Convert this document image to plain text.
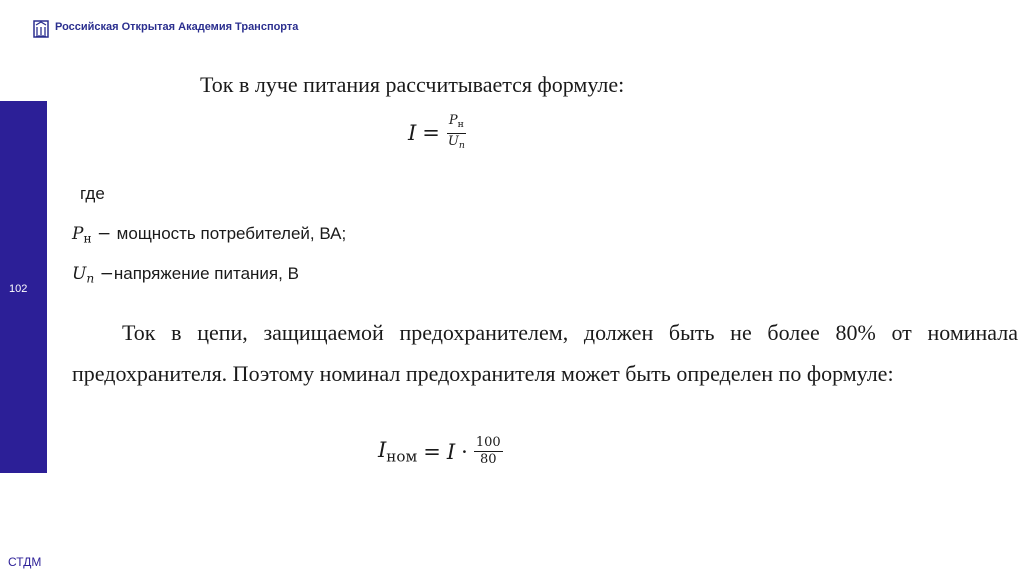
Российская Открытая Академия Транспорта
102
СТДМ
Ток в луче питания рассчитывается формуле:
$I = \frac{P_н}{U_n}$
где
$P_н$ − мощность потребителей, ВА;
$U_n$ −напряжение питания, В
Ток в цепи, защищаемой предохранителем, должен быть не более 80% от номинала предохранителя. Поэтому номинал предохранителя может быть определен по формуле:
$I_{ном} = I \cdot \frac{100}{80}$
